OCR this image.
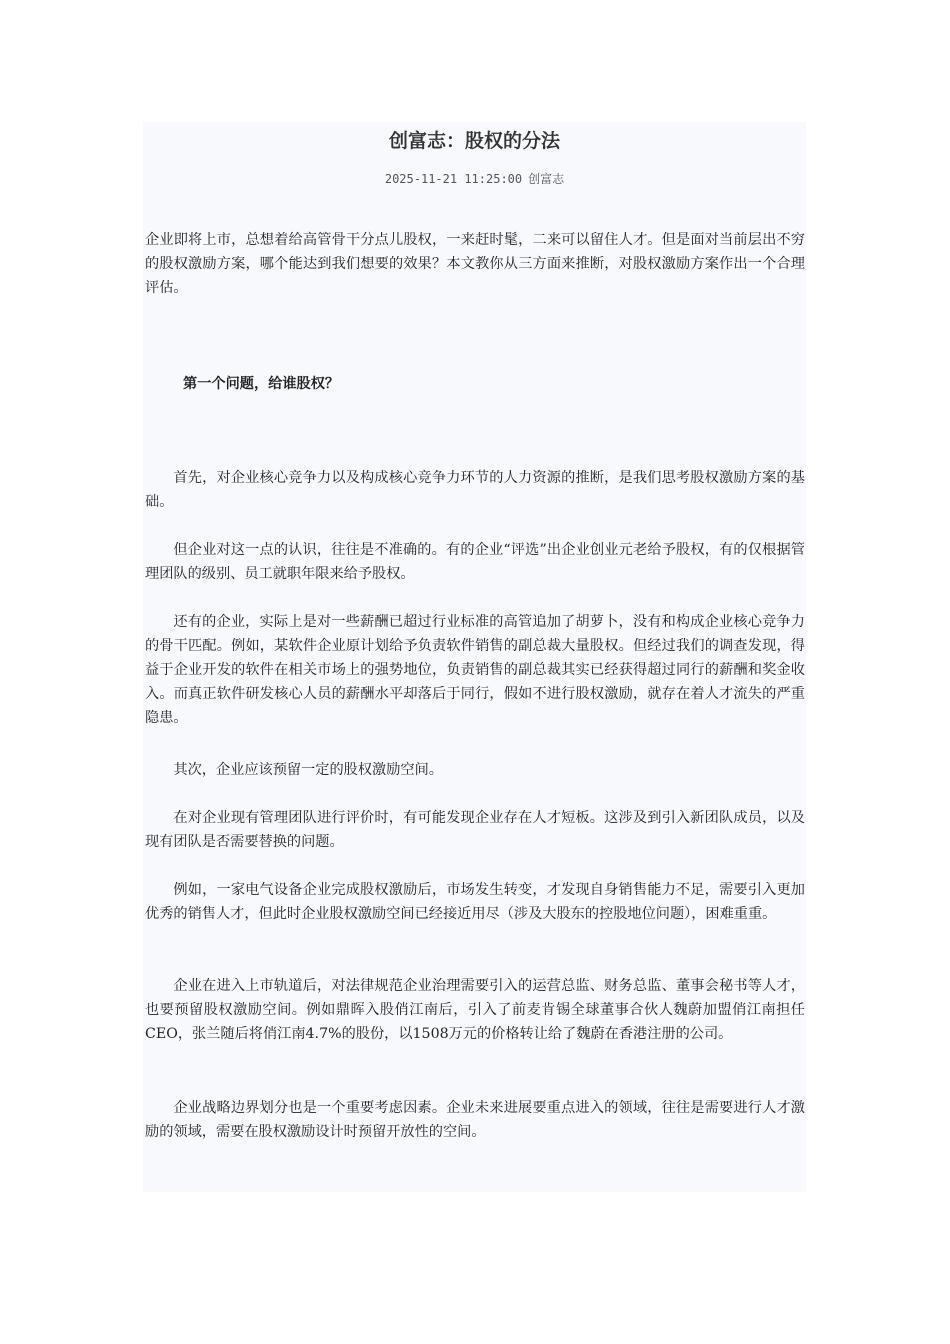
创富志：股权的分法
2025-11-21 11:25:00 创富志

企业即将上市，总想着给高管骨干分点儿股权，一来赶时髦，二来可以留住人才。但是面对当前层出不穷的股权激励方案，哪个能达到我们想要的效果？本文教你从三方面来推断，对股权激励方案作出一个合理评估。

第一个问题，给谁股权？

首先，对企业核心竞争力以及构成核心竞争力环节的人力资源的推断，是我们思考股权激励方案的基础。

但企业对这一点的认识，往往是不准确的。有的企业“评选”出企业创业元老给予股权，有的仅根据管理团队的级别、员工就职年限来给予股权。

还有的企业，实际上是对一些薪酬已超过行业标准的高管追加了胡萝卜，没有和构成企业核心竞争力的骨干匹配。例如，某软件企业原计划给予负责软件销售的副总裁大量股权。但经过我们的调查发现，得益于企业开发的软件在相关市场上的强势地位，负责销售的副总裁其实已经获得超过同行的薪酬和奖金收入。而真正软件研发核心人员的薪酬水平却落后于同行，假如不进行股权激励，就存在着人才流失的严重隐患。

其次，企业应该预留一定的股权激励空间。

在对企业现有管理团队进行评价时，有可能发现企业存在人才短板。这涉及到引入新团队成员，以及现有团队是否需要替换的问题。

例如，一家电气设备企业完成股权激励后，市场发生转变，才发现自身销售能力不足，需要引入更加优秀的销售人才，但此时企业股权激励空间已经接近用尽（涉及大股东的控股地位问题），困难重重。

企业在进入上市轨道后，对法律规范企业治理需要引入的运营总监、财务总监、董事会秘书等人才，也要预留股权激励空间。例如鼎晖入股俏江南后，引入了前麦肯锡全球董事合伙人魏蔚加盟俏江南担任CEO，张兰随后将俏江南4.7%的股份，以1508万元的价格转让给了魏蔚在香港注册的公司。

企业战略边界划分也是一个重要考虑因素。企业未来进展要重点进入的领域，往往是需要进行人才激励的领域，需要在股权激励设计时预留开放性的空间。
